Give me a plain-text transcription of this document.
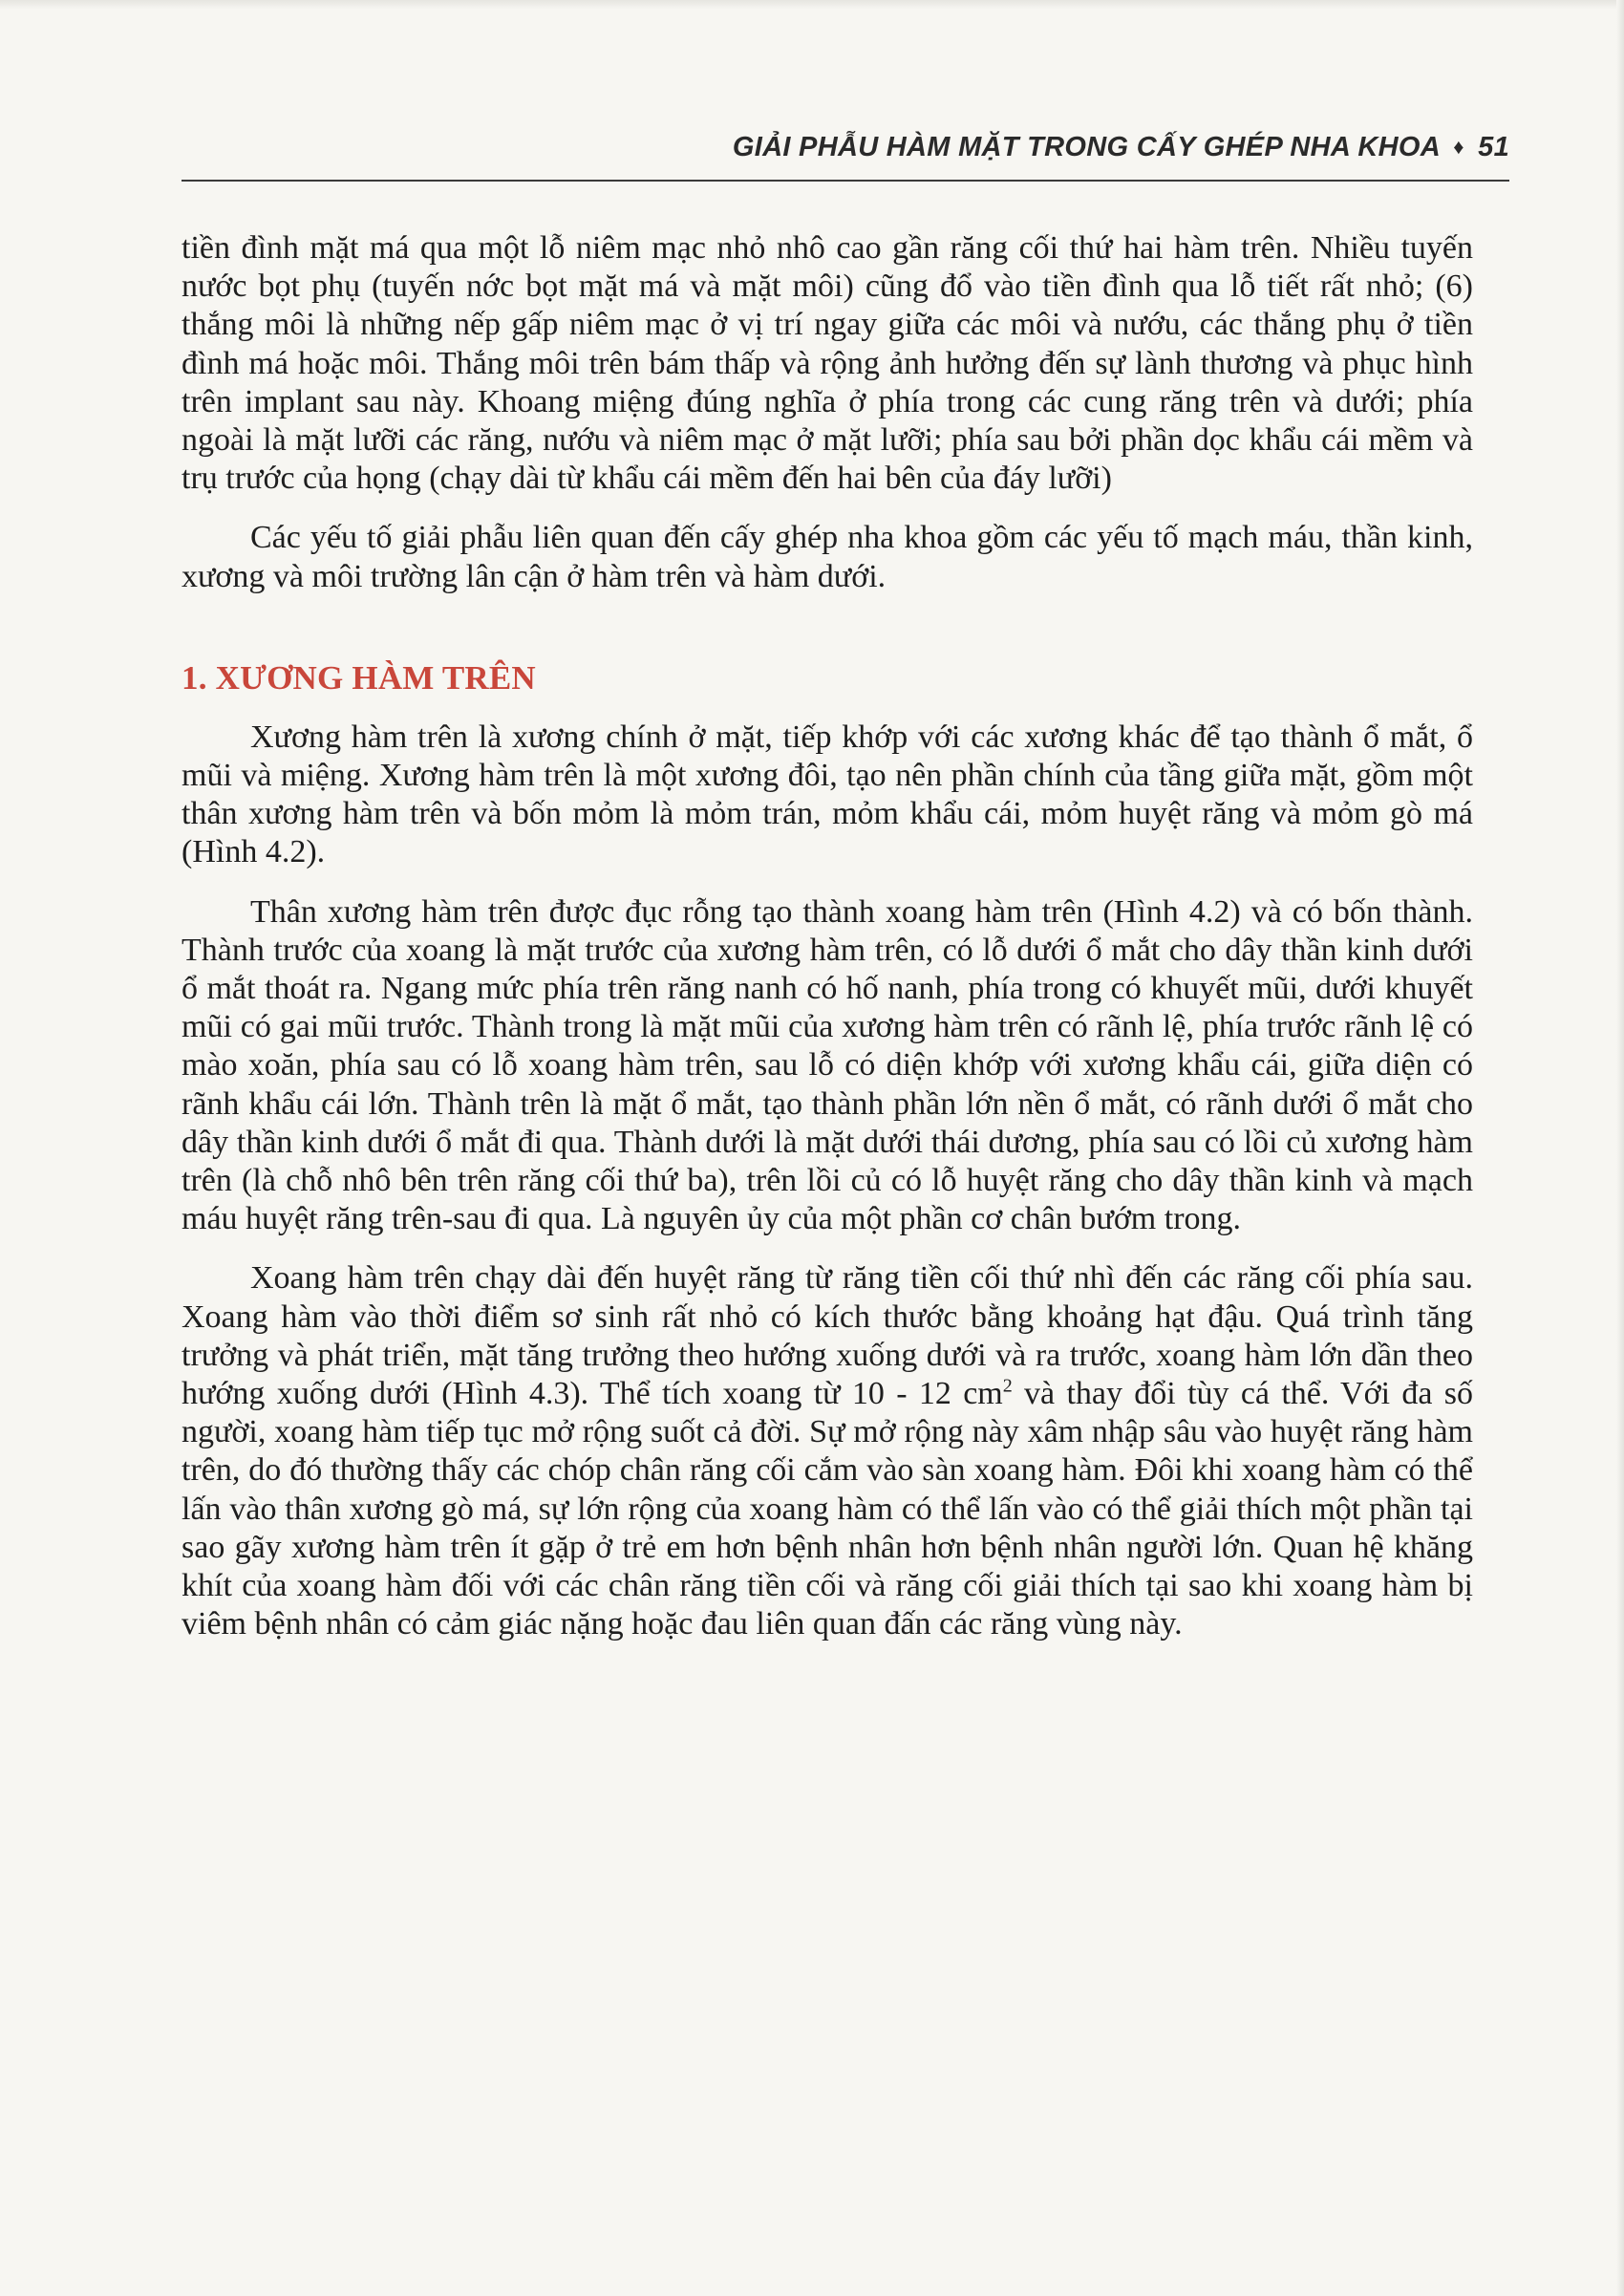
GIẢI PHẪU HÀM MẶT TRONG CẤY GHÉP NHA KHOA ♦ 51

tiền đình mặt má qua một lỗ niêm mạc nhỏ nhô cao gần răng cối thứ hai hàm trên. Nhiều tuyến nước bọt phụ (tuyến nớc bọt mặt má và mặt môi) cũng đổ vào tiền đình qua lỗ tiết rất nhỏ; (6) thắng môi là những nếp gấp niêm mạc ở vị trí ngay giữa các môi và nướu, các thắng phụ ở tiền đình má hoặc môi. Thắng môi trên bám thấp và rộng ảnh hưởng đến sự lành thương và phục hình trên implant sau này. Khoang miệng đúng nghĩa ở phía trong các cung răng trên và dưới; phía ngoài là mặt lưỡi các răng, nướu và niêm mạc ở mặt lưỡi; phía sau bởi phần dọc khẩu cái mềm và trụ trước của họng (chạy dài từ khẩu cái mềm đến hai bên của đáy lưỡi)

Các yếu tố giải phẫu liên quan đến cấy ghép nha khoa gồm các yếu tố mạch máu, thần kinh, xương và môi trường lân cận ở hàm trên và hàm dưới.

1. XƯƠNG HÀM TRÊN

Xương hàm trên là xương chính ở mặt, tiếp khớp với các xương khác để tạo thành ổ mắt, ổ mũi và miệng. Xương hàm trên là một xương đôi, tạo nên phần chính của tầng giữa mặt, gồm một thân xương hàm trên và bốn mỏm là mỏm trán, mỏm khẩu cái, mỏm huyệt răng và mỏm gò má (Hình 4.2).

Thân xương hàm trên được đục rỗng tạo thành xoang hàm trên (Hình 4.2) và có bốn thành. Thành trước của xoang là mặt trước của xương hàm trên, có lỗ dưới ổ mắt cho dây thần kinh dưới ổ mắt thoát ra. Ngang mức phía trên răng nanh có hố nanh, phía trong có khuyết mũi, dưới khuyết mũi có gai mũi trước. Thành trong là mặt mũi của xương hàm trên có rãnh lệ, phía trước rãnh lệ có mào xoăn, phía sau có lỗ xoang hàm trên, sau lỗ có diện khớp với xương khẩu cái, giữa diện có rãnh khẩu cái lớn. Thành trên là mặt ổ mắt, tạo thành phần lớn nền ổ mắt, có rãnh dưới ổ mắt cho dây thần kinh dưới ổ mắt đi qua. Thành dưới là mặt dưới thái dương, phía sau có lồi củ xương hàm trên (là chỗ nhô bên trên răng cối thứ ba), trên lồi củ có lỗ huyệt răng cho dây thần kinh và mạch máu huyệt răng trên-sau đi qua. Là nguyên ủy của một phần cơ chân bướm trong.

Xoang hàm trên chạy dài đến huyệt răng từ răng tiền cối thứ nhì đến các răng cối phía sau. Xoang hàm vào thời điểm sơ sinh rất nhỏ có kích thước bằng khoảng hạt đậu. Quá trình tăng trưởng và phát triển, mặt tăng trưởng theo hướng xuống dưới và ra trước, xoang hàm lớn dần theo hướng xuống dưới (Hình 4.3). Thể tích xoang từ 10 - 12 $cm^2$ và thay đổi tùy cá thể. Với đa số người, xoang hàm tiếp tục mở rộng suốt cả đời. Sự mở rộng này xâm nhập sâu vào huyệt răng hàm trên, do đó thường thấy các chóp chân răng cối cắm vào sàn xoang hàm. Đôi khi xoang hàm có thể lấn vào thân xương gò má, sự lớn rộng của xoang hàm có thể lấn vào có thể giải thích một phần tại sao gãy xương hàm trên ít gặp ở trẻ em hơn bệnh nhân hơn bệnh nhân người lớn. Quan hệ khăng khít của xoang hàm đối với các chân răng tiền cối và răng cối giải thích tại sao khi xoang hàm bị viêm bệnh nhân có cảm giác nặng hoặc đau liên quan đấn các răng vùng này.
